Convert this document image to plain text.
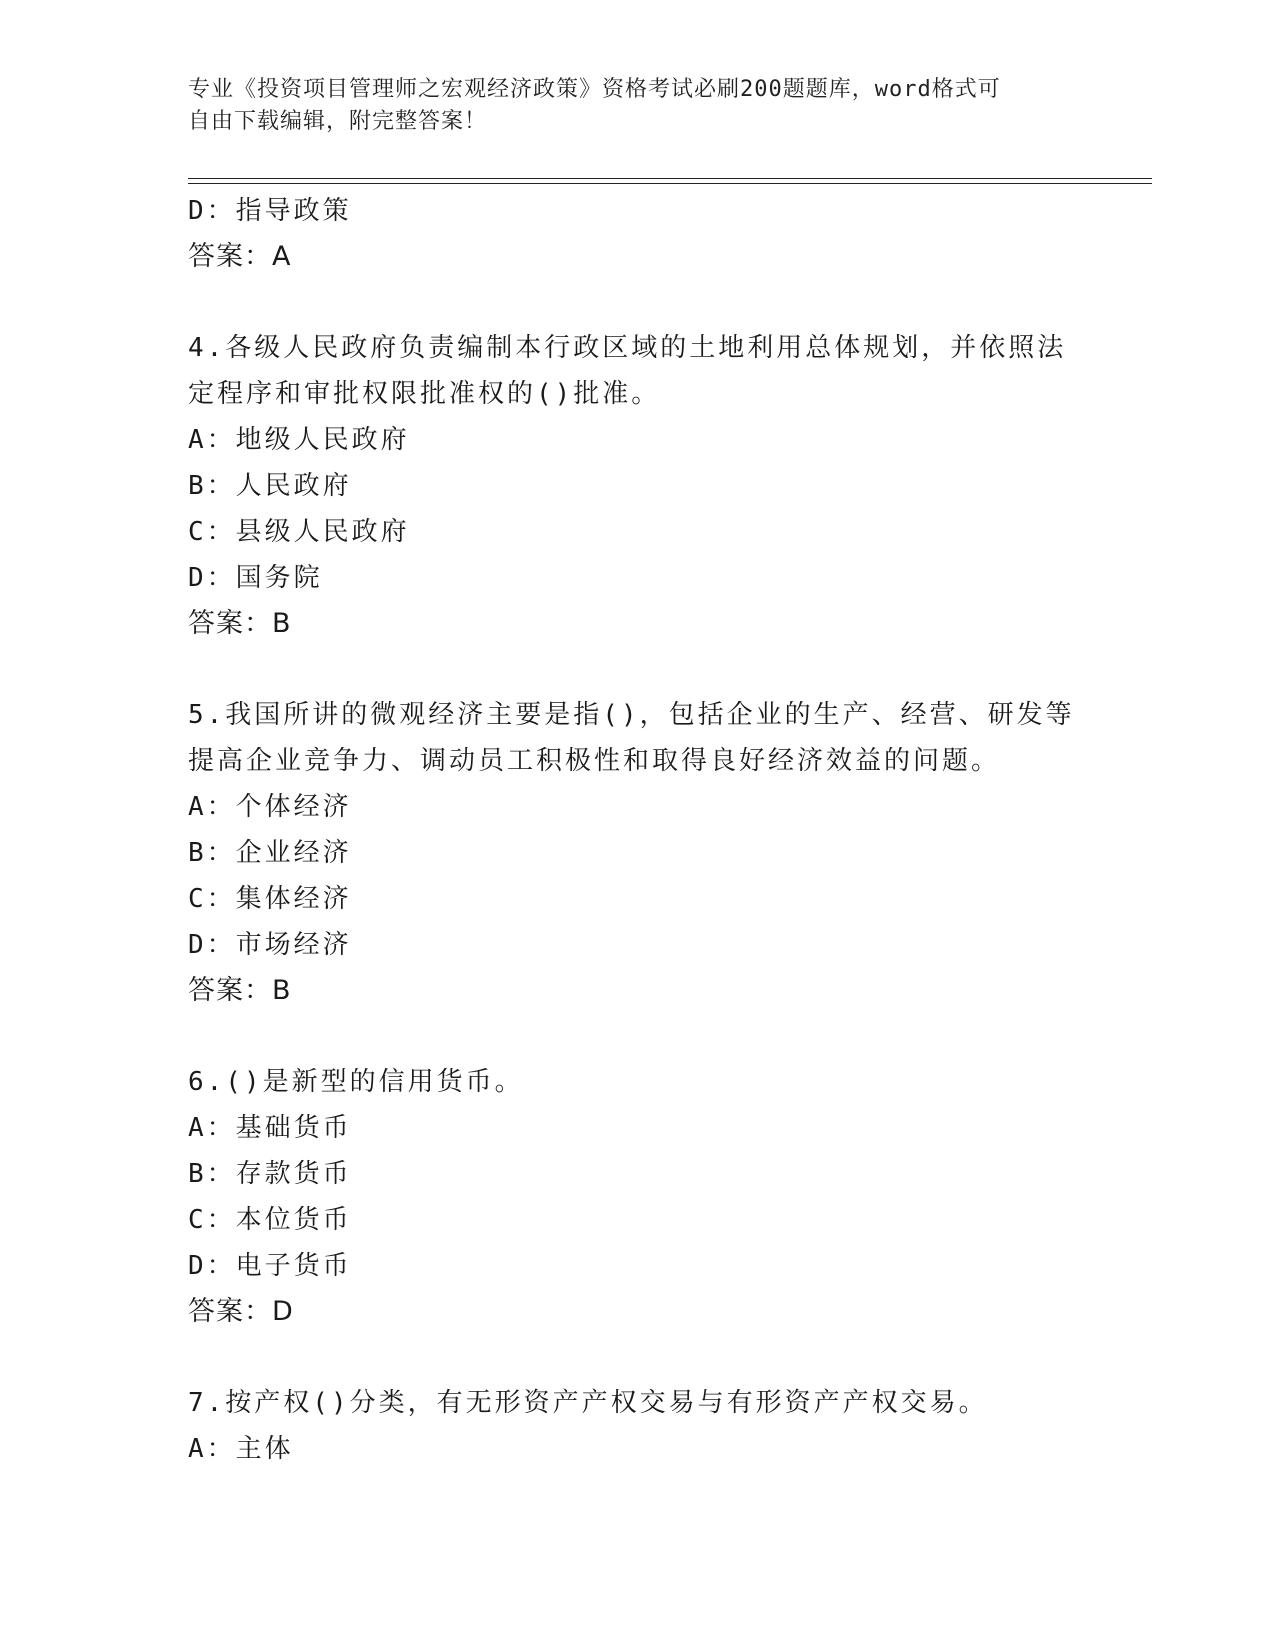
专业《投资项目管理师之宏观经济政策》资格考试必刷200题题库，word格式可
自由下载编辑，附完整答案！
D：指导政策
答案：A
4.各级人民政府负责编制本行政区域的土地利用总体规划，并依照法
定程序和审批权限批准权的()批准。
A：地级人民政府
B：人民政府
C：县级人民政府
D：国务院
答案：B
5.我国所讲的微观经济主要是指()，包括企业的生产、经营、研发等
提高企业竞争力、调动员工积极性和取得良好经济效益的问题。
A：个体经济
B：企业经济
C：集体经济
D：市场经济
答案：B
6.()是新型的信用货币。
A：基础货币
B：存款货币
C：本位货币
D：电子货币
答案：D
7.按产权()分类，有无形资产产权交易与有形资产产权交易。
A：主体
